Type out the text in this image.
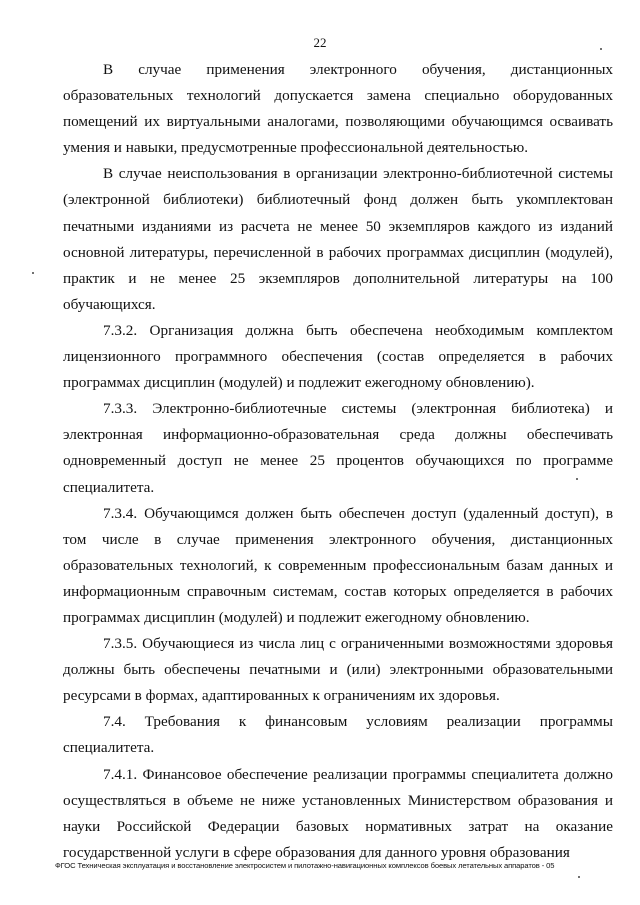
22

В случае применения электронного обучения, дистанционных образовательных технологий допускается замена специально оборудованных помещений их виртуальными аналогами, позволяющими обучающимся осваивать умения и навыки, предусмотренные профессиональной деятельностью.

В случае неиспользования в организации электронно-библиотечной системы (электронной библиотеки) библиотечный фонд должен быть укомплектован печатными изданиями из расчета не менее 50 экземпляров каждого из изданий основной литературы, перечисленной в рабочих программах дисциплин (модулей), практик и не менее 25 экземпляров дополнительной литературы на 100 обучающихся.

7.3.2. Организация должна быть обеспечена необходимым комплектом лицензионного программного обеспечения (состав определяется в рабочих программах дисциплин (модулей) и подлежит ежегодному обновлению).

7.3.3. Электронно-библиотечные системы (электронная библиотека) и электронная информационно-образовательная среда должны обеспечивать одновременный доступ не менее 25 процентов обучающихся по программе специалитета.

7.3.4. Обучающимся должен быть обеспечен доступ (удаленный доступ), в том числе в случае применения электронного обучения, дистанционных образовательных технологий, к современным профессиональным базам данных и информационным справочным системам, состав которых определяется в рабочих программах дисциплин (модулей) и подлежит ежегодному обновлению.

7.3.5. Обучающиеся из числа лиц с ограниченными возможностями здоровья должны быть обеспечены печатными и (или) электронными образовательными ресурсами в формах, адаптированных к ограничениям их здоровья.

7.4. Требования к финансовым условиям реализации программы специалитета.

7.4.1. Финансовое обеспечение реализации программы специалитета должно осуществляться в объеме не ниже установленных Министерством образования и науки Российской Федерации базовых нормативных затрат на оказание государственной услуги в сфере образования для данного уровня образования

ФГОС Техническая эксплуатация и восстановление электросистем и пилотажно-навигационных комплексов боевых летательных аппаратов - 05
